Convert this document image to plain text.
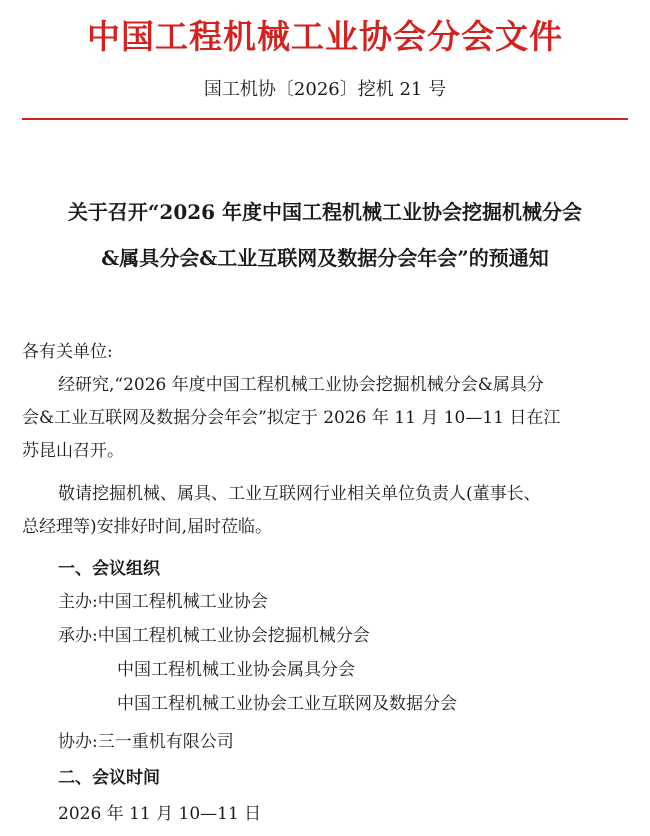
中国工程机械工业协会分会文件
国工机协〔2026〕挖机 21 号
关于召开“2026 年度中国工程机械工业协会挖掘机械分会
&属具分会&工业互联网及数据分会年会”的预通知
各有关单位:
经研究,“2026 年度中国工程机械工业协会挖掘机械分会&属具分
会&工业互联网及数据分会年会”拟定于 2026 年 11 月 10—11 日在江
苏昆山召开。
敬请挖掘机械、属具、工业互联网行业相关单位负责人(董事长、
总经理等)安排好时间,届时莅临。
一、会议组织
主办:中国工程机械工业协会
承办:中国工程机械工业协会挖掘机械分会
中国工程机械工业协会属具分会
中国工程机械工业协会工业互联网及数据分会
协办:三一重机有限公司
二、会议时间
2026 年 11 月 10—11 日
